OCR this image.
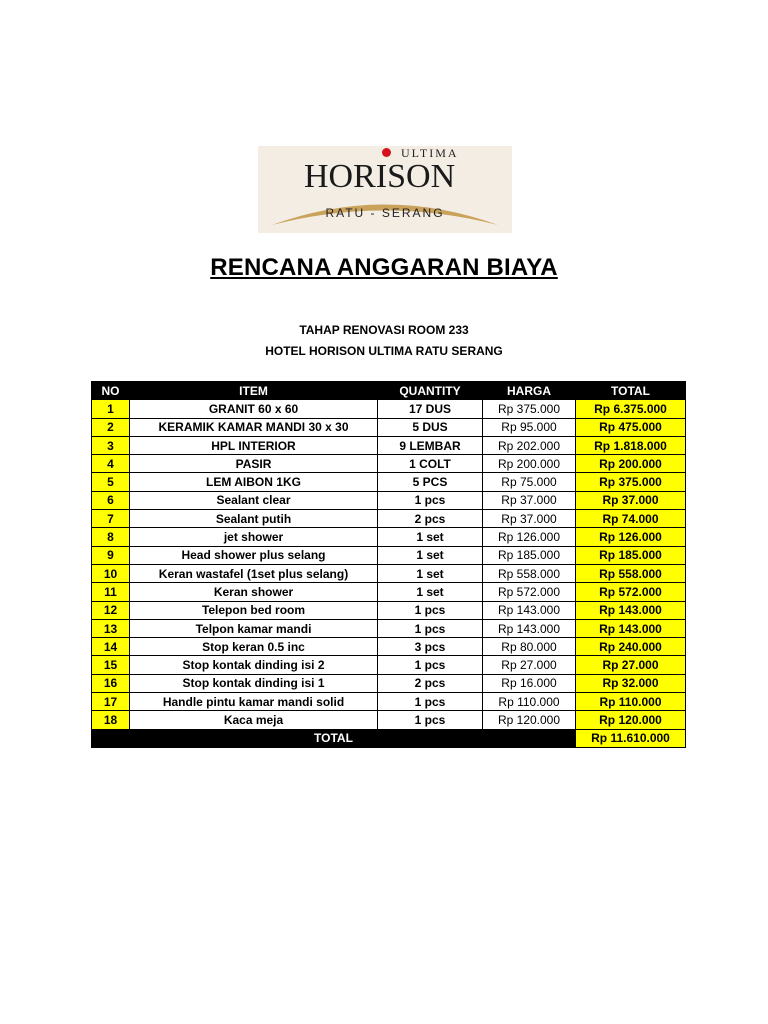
ULTIMA
HORISON
RATU - SERANG
RENCANA ANGGARAN BIAYA
TAHAP RENOVASI ROOM 233
HOTEL HORISON ULTIMA RATU SERANG
NO	ITEM	QUANTITY	HARGA	TOTAL
1	GRANIT 60 x 60	17 DUS	Rp 375.000	Rp 6.375.000
2	KERAMIK KAMAR MANDI 30 x 30	5 DUS	Rp 95.000	Rp 475.000
3	HPL INTERIOR	9 LEMBAR	Rp 202.000	Rp 1.818.000
4	PASIR	1 COLT	Rp 200.000	Rp 200.000
5	LEM AIBON 1KG	5 PCS	Rp 75.000	Rp 375.000
6	Sealant clear	1 pcs	Rp 37.000	Rp 37.000
7	Sealant putih	2 pcs	Rp 37.000	Rp 74.000
8	jet shower	1 set	Rp 126.000	Rp 126.000
9	Head shower plus selang	1 set	Rp 185.000	Rp 185.000
10	Keran wastafel (1set plus selang)	1 set	Rp 558.000	Rp 558.000
11	Keran shower	1 set	Rp 572.000	Rp 572.000
12	Telepon bed room	1 pcs	Rp 143.000	Rp 143.000
13	Telpon kamar mandi	1 pcs	Rp 143.000	Rp 143.000
14	Stop keran 0.5 inc	3 pcs	Rp 80.000	Rp 240.000
15	Stop kontak dinding isi 2	1 pcs	Rp 27.000	Rp 27.000
16	Stop kontak dinding isi 1	2 pcs	Rp 16.000	Rp 32.000
17	Handle pintu kamar mandi solid	1 pcs	Rp 110.000	Rp 110.000
18	Kaca meja	1 pcs	Rp 120.000	Rp 120.000
TOTAL				Rp 11.610.000
